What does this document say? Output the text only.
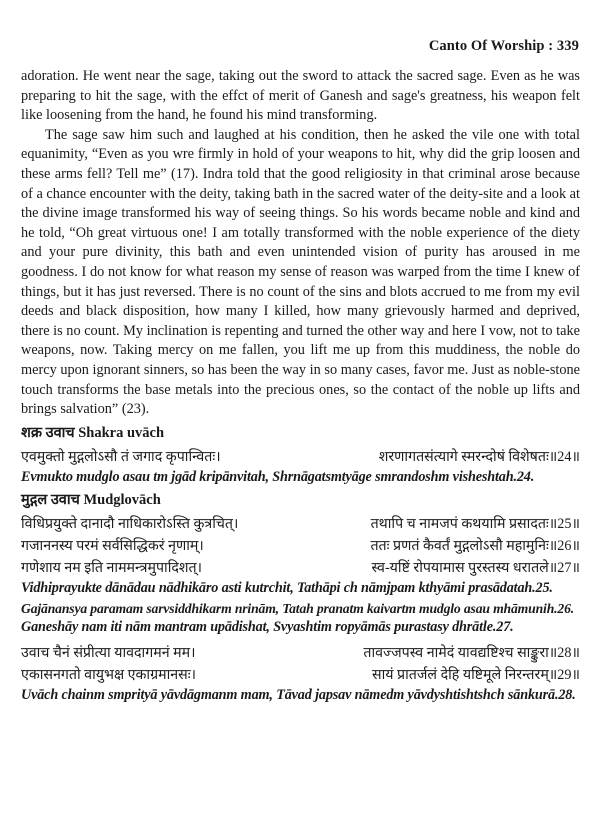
Canto Of Worship : 339

adoration. He went near the sage, taking out the sword to attack the sacred sage. Even as he was preparing to hit the sage, with the effct of merit of Ganesh and sage's greatness, his weapon felt like loosening from the hand, he found his mind transforming.

The sage saw him such and laughed at his condition, then he asked the vile one with total equanimity, “Even as you wre firmly in hold of your weapons to hit, why did the grip loosen and these arms fell? Tell me” (17). Indra told that the good religiosity in that criminal arose because of a chance encounter with the deity, taking bath in the sacred water of the deity-site and a look at the divine image transformed his way of seeing things. So his words became noble and kind and he told, “Oh great virtuous one! I am totally transformed with the noble experience of the diety and your pure divinity, this bath and even unintended vision of purity has aroused in me goodness. I do not know for what reason my sense of reason was warped from the time I knew of things, but it has just reversed. There is no count of the sins and blots accrued to me from my evil deeds and black disposition, how many I killed, how many grievously harmed and deprived, there is no count. My inclination is repenting and turned the other way and here I vow, not to take weapons, now. Taking mercy on me fallen, you lift me up from this muddiness, the noble do mercy upon ignorant sinners, so has been the way in so many cases, favor me. Just as noble-stone touch transforms the base metals into the precious ones, so the contact of the noble up lifts and brings salvation” (23).

शक्र उवाच Shakra uvāch
एवमुक्तो मुद्गलोऽसौ तं जगाद कृपान्वितः।	शरणागतसंत्यागे स्मरन्दोषं विशेषतः॥24॥
Evmukto mudglo asau tm jgād kripānvitah, Shrnāgatsmtyāge smrandoshm visheshtah.24.
मुद्गल उवाच Mudglovāch
विधिप्रयुक्ते दानादौ नाधिकारोऽस्ति कुत्रचित्।	तथापि च नामजपं कथयामि प्रसादतः॥25॥
गजाननस्य परमं सर्वसिद्धिकरं नृणाम्।	ततः प्रणतं कैवर्तं मुद्गलोऽसौ महामुनिः॥26॥
गणेशाय नम इति नाममन्त्रमुपादिशत्।	स्व-यष्टिं रोपयामास पुरस्तस्य धरातले॥27॥
Vidhiprayukte dānādau nādhikāro asti kutrchit, Tathāpi ch nāmjpam kthyāmi prasādatah.25.
Gajānansya paramam sarvsiddhikarm nrinām, Tatah pranatm kaivartm mudglo asau mhāmunih.26.
Ganeshāy nam iti nām mantram upādishat, Svyashtim ropyāmās purastasy dhrātle.27.
उवाच चैनं संप्रीत्या यावदागमनं मम।	तावज्जपस्व नामेदं यावद्यष्टिश्च साङ्कुरा॥28॥
एकासनगतो वायुभक्ष एकाग्रमानसः।	सायं प्रातर्जलं देहि यष्टिमूले निरन्तरम्॥29॥
Uvāch chainm smprityā yāvdāgmanm mam, Tāvad japsav nāmedm yāvdyshtishtshch sānkurā.28.
